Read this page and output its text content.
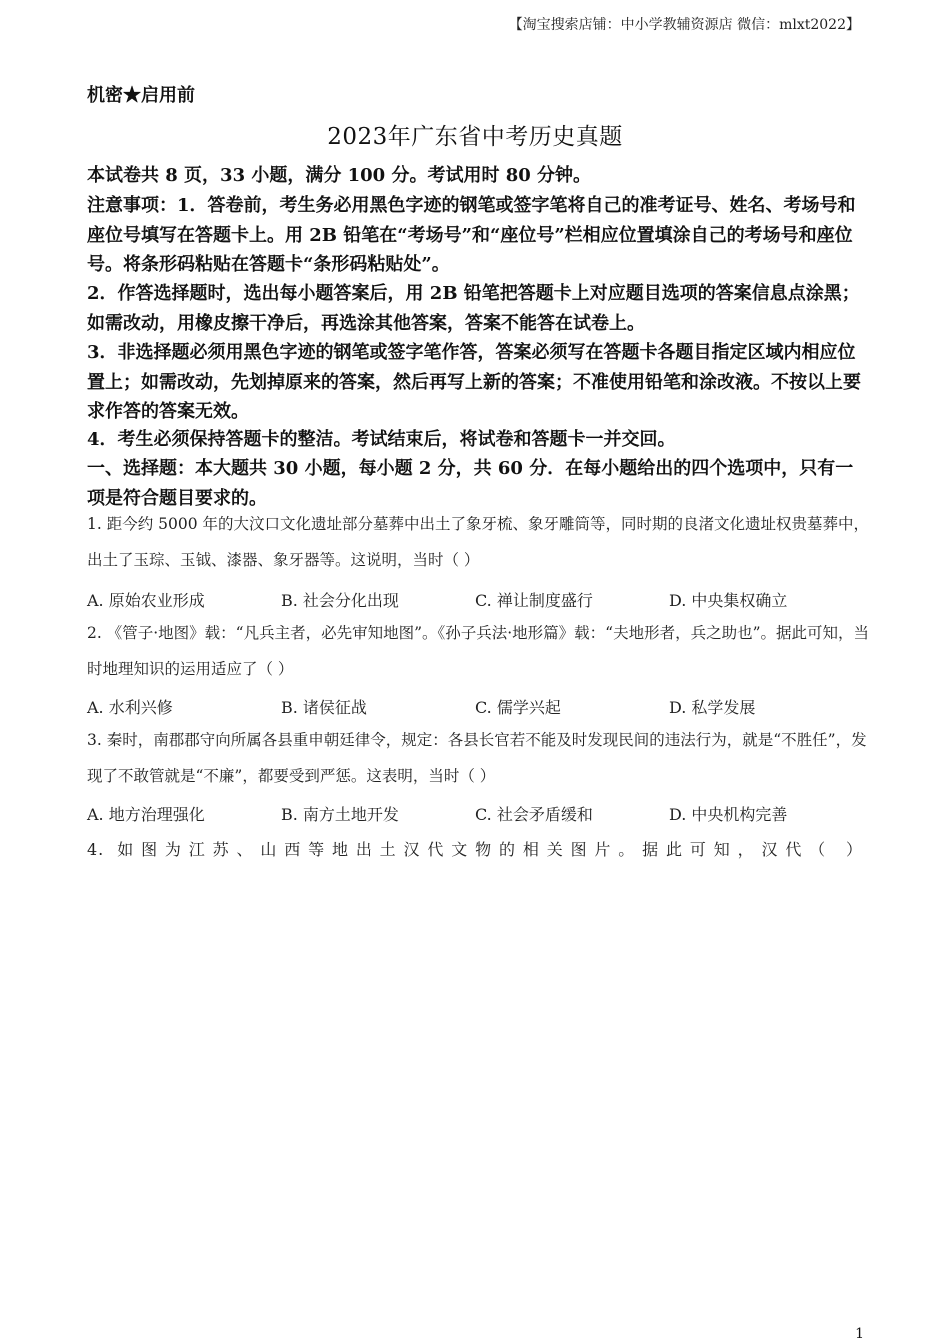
【淘宝搜索店铺：中小学教辅资源店 微信：mlxt2022】
机密★启用前
2023年广东省中考历史真题
本试卷共 8 页，33 小题，满分 100 分。考试用时 80 分钟。
注意事项：1．答卷前，考生务必用黑色字迹的钢笔或签字笔将自己的准考证号、姓名、考场号和座位号填写在答题卡上。用 2B 铅笔在“考场号”和“座位号”栏相应位置填涂自己的考场号和座位号。将条形码粘贴在答题卡“条形码粘贴处”。
2．作答选择题时，选出每小题答案后，用 2B 铅笔把答题卡上对应题目选项的答案信息点涂黑；如需改动，用橡皮擦干净后，再选涂其他答案，答案不能答在试卷上。
3．非选择题必须用黑色字迹的钢笔或签字笔作答，答案必须写在答题卡各题目指定区域内相应位置上；如需改动，先划掉原来的答案，然后再写上新的答案；不准使用铅笔和涂改液。不按以上要求作答的答案无效。
4．考生必须保持答题卡的整洁。考试结束后，将试卷和答题卡一并交回。
一、选择题：本大题共 30 小题，每小题 2 分，共 60 分．在每小题给出的四个选项中，只有一项是符合题目要求的。
1. 距今约 5000 年的大汶口文化遗址部分墓葬中出土了象牙梳、象牙雕筒等，同时期的良渚文化遗址权贵墓葬中，出土了玉琮、玉钺、漆器、象牙器等。这说明，当时（ ）
A. 原始农业形成	B. 社会分化出现	C. 禅让制度盛行	D. 中央集权确立
2. 《管子·地图》载：“凡兵主者，必先审知地图”。《孙子兵法·地形篇》载：“夫地形者，兵之助也”。据此可知，当时地理知识的运用适应了（ ）
A. 水利兴修	B. 诸侯征战	C. 儒学兴起	D. 私学发展
3. 秦时，南郡郡守向所属各县重申朝廷律令，规定：各县长官若不能及时发现民间的违法行为，就是“不胜任”，发现了不敢管就是“不廉”，都要受到严惩。这表明，当时（ ）
A. 地方治理强化	B. 南方土地开发	C. 社会矛盾缓和	D. 中央机构完善
4. 如图为江苏、山西等地出土汉代文物的相关图片。据此可知，汉代（ ）
1
